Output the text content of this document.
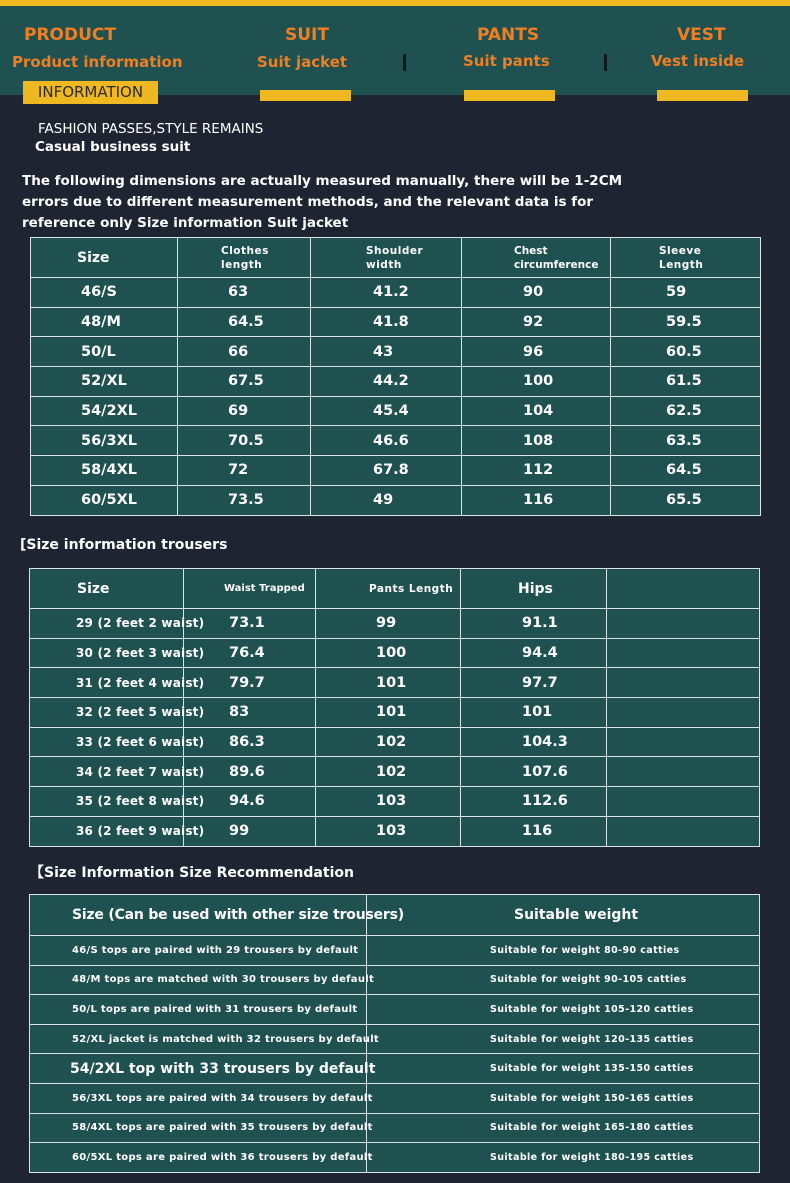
PRODUCT
Product information
INFORMATION
SUIT
Suit jacket
PANTS
Suit pants
VEST
Vest inside
FASHION PASSES,STYLE REMAINS
Casual business suit
The following dimensions are actually measured manually, there will be 1-2CM
errors due to different measurement methods, and the relevant data is for
reference only Size information Suit jacket
Size	Clothes length	Shoulder width	Chest circumference	Sleeve Length

46/S	63	41.2	90	59
48/M	64.5	41.8	92	59.5
50/L	66	43	96	60.5
52/XL	67.5	44.2	100	61.5
54/2XL	69	45.4	104	62.5
56/3XL	70.5	46.6	108	63.5
58/4XL	72	67.8	112	64.5
60/5XL	73.5	49	116	65.5
[Size information trousers
Size	Waist Trapped	Pants Length	Hips	
29 (2 feet 2 waist)	73.1	99	91.1	
30 (2 feet 3 waist)	76.4	100	94.4	
31 (2 feet 4 waist)	79.7	101	97.7	
32 (2 feet 5 waist)	83	101	101	
33 (2 feet 6 waist)	86.3	102	104.3	
34 (2 feet 7 waist)	89.6	102	107.6	
35 (2 feet 8 waist)	94.6	103	112.6	
36 (2 feet 9 waist)	99	103	116	
【Size Information Size Recommendation
Size (Can be used with other size trousers)	Suitable weight
46/S tops are paired with 29 trousers by default	Suitable for weight 80-90 catties
48/M tops are matched with 30 trousers by default	Suitable for weight 90-105 catties
50/L tops are paired with 31 trousers by default	Suitable for weight 105-120 catties
52/XL jacket is matched with 32 trousers by default	Suitable for weight 120-135 catties
54/2XL top with 33 trousers by default	Suitable for weight 135-150 catties
56/3XL tops are paired with 34 trousers by default	Suitable for weight 150-165 catties
58/4XL tops are paired with 35 trousers by default	Suitable for weight 165-180 catties
60/5XL tops are paired with 36 trousers by default	Suitable for weight 180-195 catties
